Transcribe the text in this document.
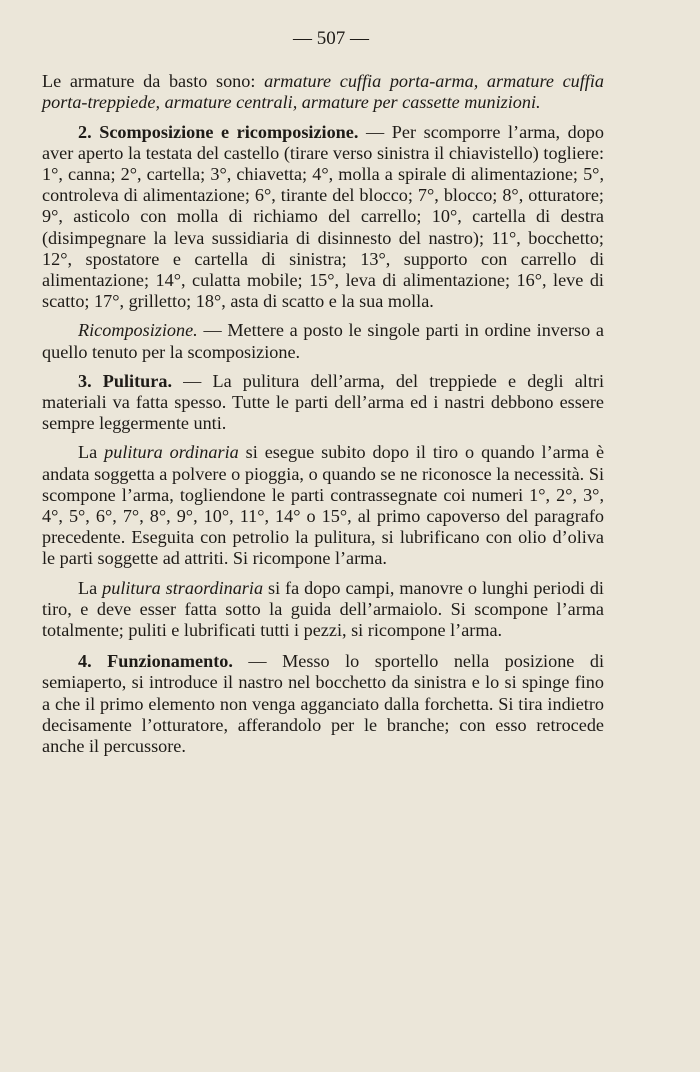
— 507 —

Le armature da basto sono: armature cuffia porta-arma, armature cuffia porta-treppiede, armature centrali, armature per cassette munizioni.

2. Scomposizione e ricomposizione. — Per scomporre l’arma, dopo aver aperto la testata del castello (tirare verso sinistra il chiavistello) togliere: 1°, canna; 2°, cartella; 3°, chiavetta; 4°, molla a spirale di alimentazione; 5°, controleva di alimentazione; 6°, tirante del blocco; 7°, blocco; 8°, otturatore; 9°, asticolo con molla di richiamo del carrello; 10°, cartella di destra (disimpegnare la leva sussidiaria di disinnesto del nastro); 11°, bocchetto; 12°, spostatore e cartella di sinistra; 13°, supporto con carrello di alimentazione; 14°, culatta mobile; 15°, leva di alimentazione; 16°, leve di scatto; 17°, grilletto; 18°, asta di scatto e la sua molla.

Ricomposizione. — Mettere a posto le singole parti in ordine inverso a quello tenuto per la scomposizione.

3. Pulitura. — La pulitura dell’arma, del treppiede e degli altri materiali va fatta spesso. Tutte le parti dell’arma ed i nastri debbono essere sempre leggermente unti.

La pulitura ordinaria si esegue subito dopo il tiro o quando l’arma è andata soggetta a polvere o pioggia, o quando se ne riconosce la necessità. Si scompone l’arma, togliendone le parti contrassegnate coi numeri 1°, 2°, 3°, 4°, 5°, 6°, 7°, 8°, 9°, 10°, 11°, 14° o 15°, al primo capoverso del paragrafo precedente. Eseguita con petrolio la pulitura, si lubrificano con olio d’oliva le parti soggette ad attriti. Si ricompone l’arma.

La pulitura straordinaria si fa dopo campi, manovre o lunghi periodi di tiro, e deve esser fatta sotto la guida dell’armaiolo. Si scompone l’arma totalmente; puliti e lubrificati tutti i pezzi, si ricompone l’arma.

4. Funzionamento. — Messo lo sportello nella posizione di semiaperto, si introduce il nastro nel bocchetto da sinistra e lo si spinge fino a che il primo elemento non venga agganciato dalla forchetta. Si tira indietro decisamente l’otturatore, afferandolo per le branche; con esso retrocede anche il percussore.
